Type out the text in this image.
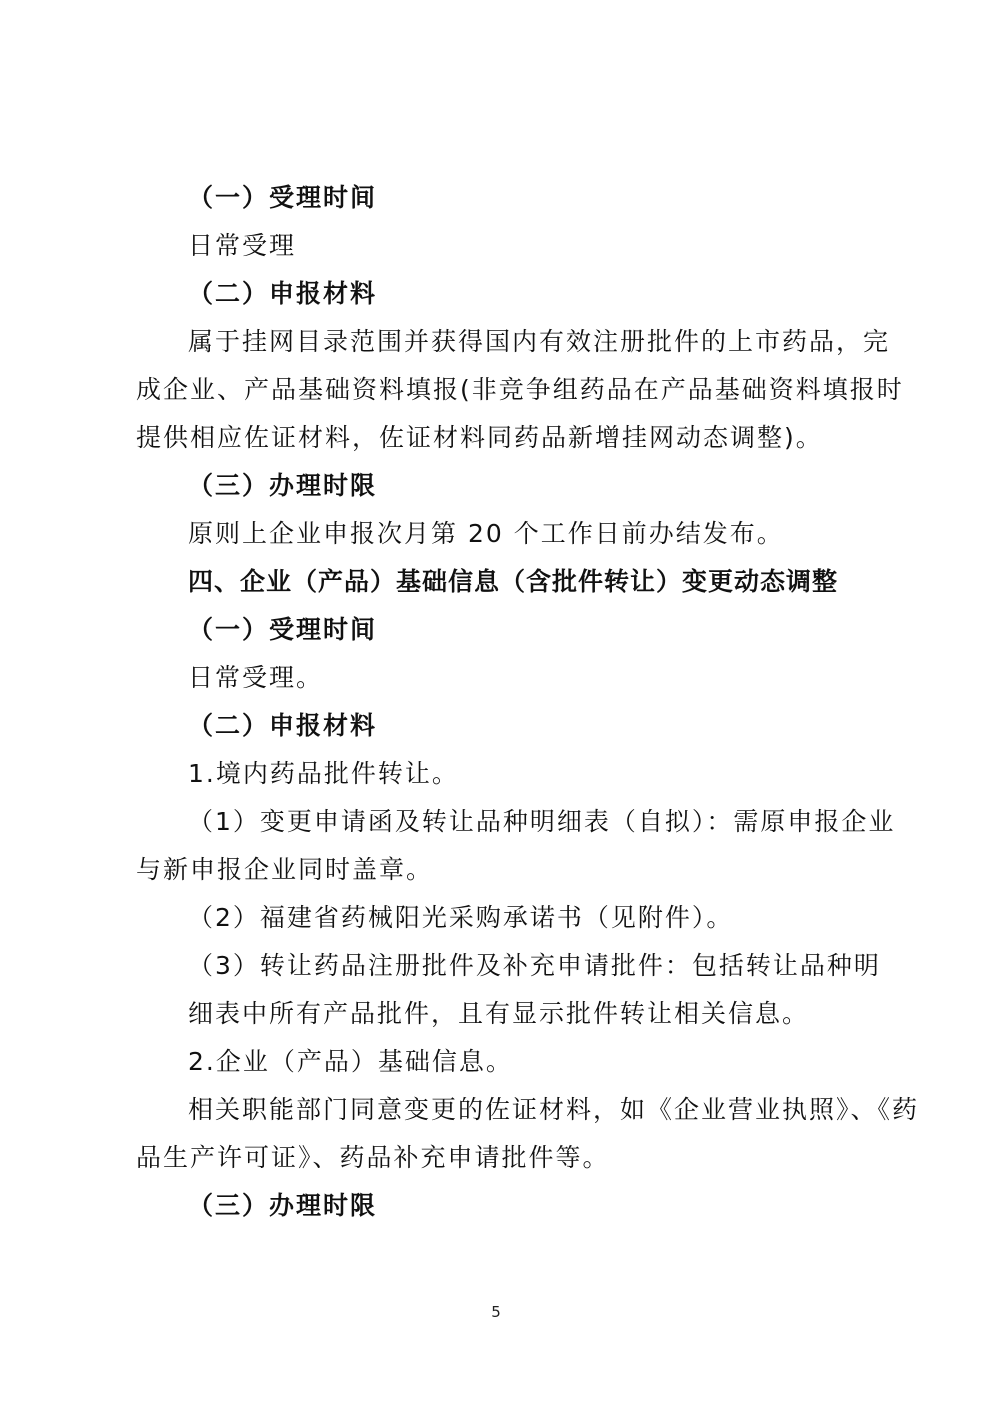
（一）受理时间
日常受理
（二）申报材料
属于挂网目录范围并获得国内有效注册批件的上市药品，完
成企业、产品基础资料填报(非竞争组药品在产品基础资料填报时
提供相应佐证材料，佐证材料同药品新增挂网动态调整)。
（三）办理时限
原则上企业申报次月第 20 个工作日前办结发布。
四、企业（产品）基础信息（含批件转让）变更动态调整
（一）受理时间
日常受理。
（二）申报材料
1.境内药品批件转让。
（1）变更申请函及转让品种明细表（自拟）：需原申报企业
与新申报企业同时盖章。
（2）福建省药械阳光采购承诺书（见附件）。
（3）转让药品注册批件及补充申请批件：包括转让品种明
细表中所有产品批件，且有显示批件转让相关信息。
2.企业（产品）基础信息。
相关职能部门同意变更的佐证材料，如《企业营业执照》、《药
品生产许可证》、药品补充申请批件等。
（三）办理时限
5
